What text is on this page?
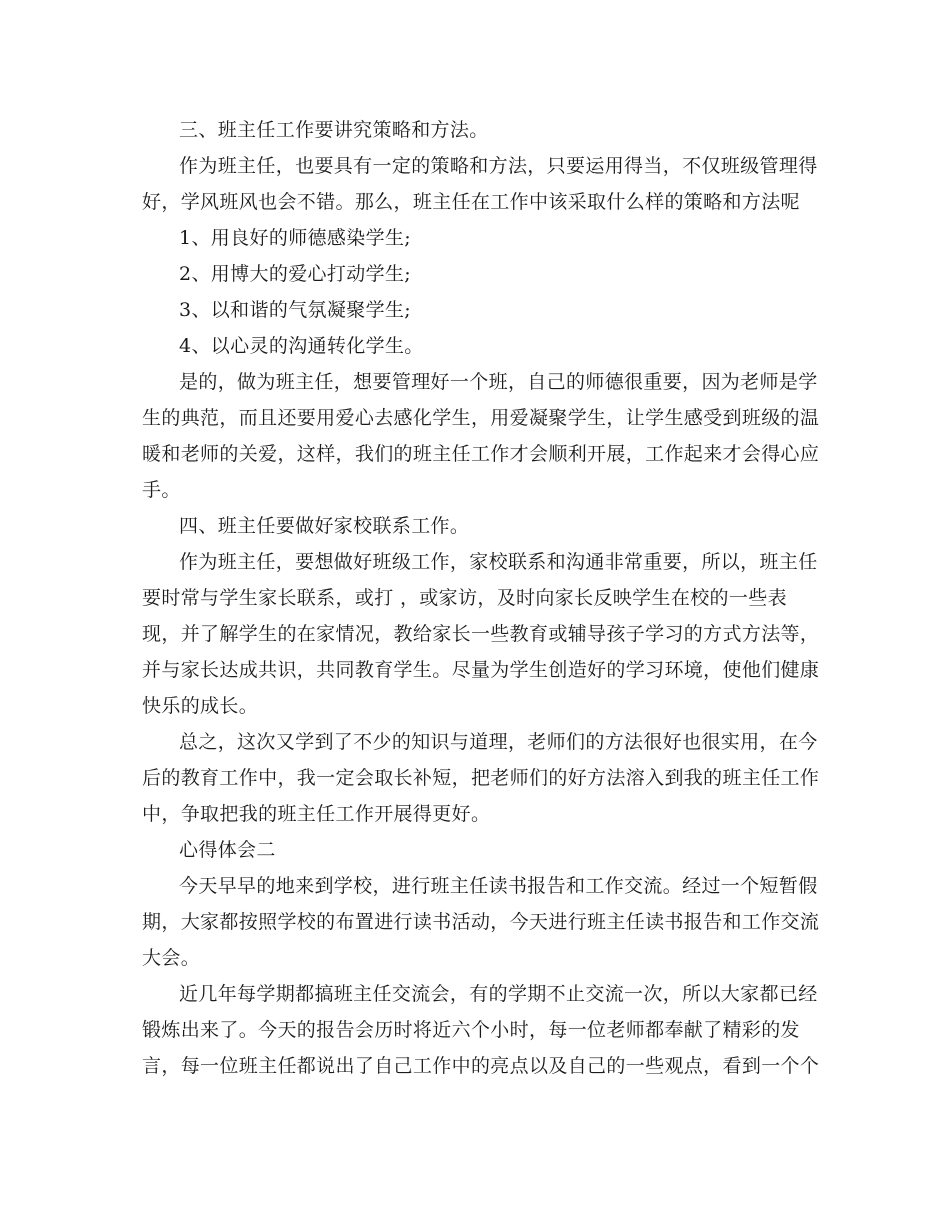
三、班主任工作要讲究策略和方法。
作为班主任，也要具有一定的策略和方法，只要运用得当，不仅班级管理得
好，学风班风也会不错。那么，班主任在工作中该采取什么样的策略和方法呢
1、用良好的师德感染学生;
2、用博大的爱心打动学生;
3、以和谐的气氛凝聚学生;
4、以心灵的沟通转化学生。
是的，做为班主任，想要管理好一个班，自己的师德很重要，因为老师是学
生的典范，而且还要用爱心去感化学生，用爱凝聚学生，让学生感受到班级的温
暖和老师的关爱，这样，我们的班主任工作才会顺利开展，工作起来才会得心应
手。
四、班主任要做好家校联系工作。
作为班主任，要想做好班级工作，家校联系和沟通非常重要，所以，班主任
要时常与学生家长联系，或打 ，或家访，及时向家长反映学生在校的一些表
现，并了解学生的在家情况，教给家长一些教育或辅导孩子学习的方式方法等，
并与家长达成共识，共同教育学生。尽量为学生创造好的学习环境，使他们健康
快乐的成长。
总之，这次又学到了不少的知识与道理，老师们的方法很好也很实用，在今
后的教育工作中，我一定会取长补短，把老师们的好方法溶入到我的班主任工作
中，争取把我的班主任工作开展得更好。
心得体会二
今天早早的地来到学校，进行班主任读书报告和工作交流。经过一个短暂假
期，大家都按照学校的布置进行读书活动，今天进行班主任读书报告和工作交流
大会。
近几年每学期都搞班主任交流会，有的学期不止交流一次，所以大家都已经
锻炼出来了。今天的报告会历时将近六个小时，每一位老师都奉献了精彩的发
言，每一位班主任都说出了自己工作中的亮点以及自己的一些观点，看到一个个
